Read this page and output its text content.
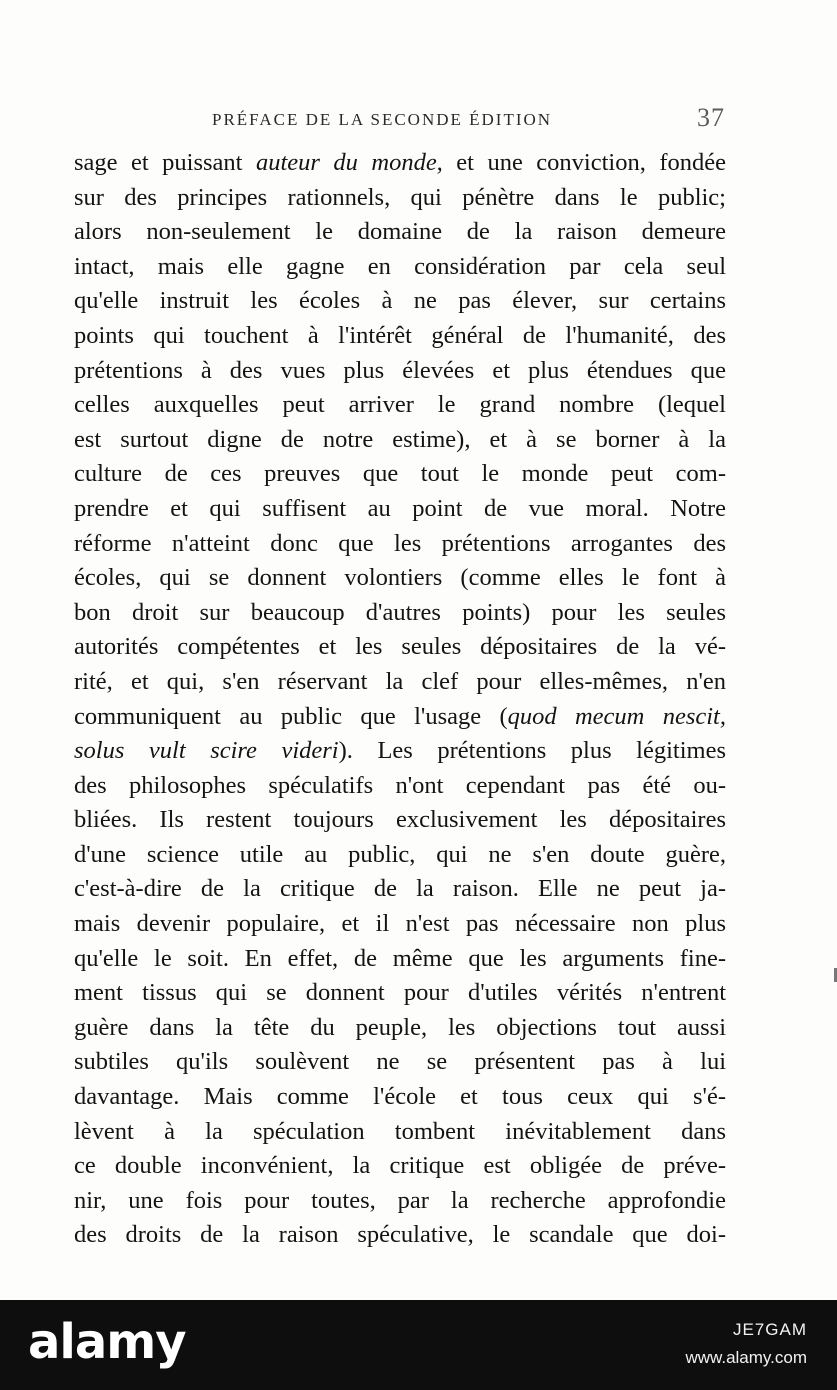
PRÉFACE DE LA SECONDE ÉDITION	37
sage et puissant auteur du monde, et une conviction, fondée
sur des principes rationnels, qui pénètre dans le public;
alors non-seulement le domaine de la raison demeure
intact, mais elle gagne en considération par cela seul
qu'elle instruit les écoles à ne pas élever, sur certains
points qui touchent à l'intérêt général de l'humanité, des
prétentions à des vues plus élevées et plus étendues que
celles auxquelles peut arriver le grand nombre (lequel
est surtout digne de notre estime), et à se borner à la
culture de ces preuves que tout le monde peut com-
prendre et qui suffisent au point de vue moral. Notre
réforme n'atteint donc que les prétentions arrogantes des
écoles, qui se donnent volontiers (comme elles le font à
bon droit sur beaucoup d'autres points) pour les seules
autorités compétentes et les seules dépositaires de la vé-
rité, et qui, s'en réservant la clef pour elles-mêmes, n'en
communiquent au public que l'usage (quod mecum nescit,
solus vult scire videri). Les prétentions plus légitimes
des philosophes spéculatifs n'ont cependant pas été ou-
bliées. Ils restent toujours exclusivement les dépositaires
d'une science utile au public, qui ne s'en doute guère,
c'est-à-dire de la critique de la raison. Elle ne peut ja-
mais devenir populaire, et il n'est pas nécessaire non plus
qu'elle le soit. En effet, de même que les arguments fine-
ment tissus qui se donnent pour d'utiles vérités n'entrent
guère dans la tête du peuple, les objections tout aussi
subtiles qu'ils soulèvent ne se présentent pas à lui
davantage. Mais comme l'école et tous ceux qui s'é-
lèvent à la spéculation tombent inévitablement dans
ce double inconvénient, la critique est obligée de préve-
nir, une fois pour toutes, par la recherche approfondie
des droits de la raison spéculative, le scandale que doi-
alamy	JE7GAM
www.alamy.com
